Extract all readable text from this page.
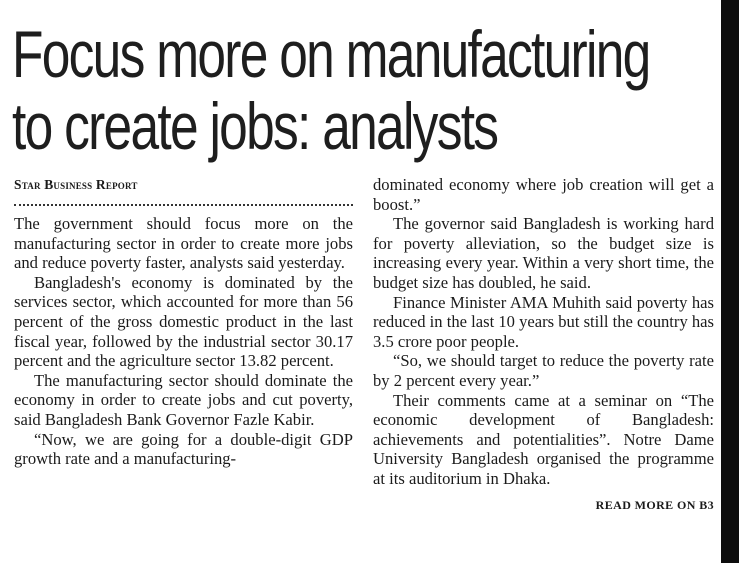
Focus more on manufacturing
to create jobs: analysts
Star Business Report

The government should focus more on the manufacturing sector in order to create more jobs and reduce poverty faster, analysts said yesterday.

Bangladesh's economy is dominated by the services sector, which accounted for more than 56 percent of the gross domestic product in the last fiscal year, followed by the industrial sector 30.17 percent and the agriculture sector 13.82 percent.

The manufacturing sector should dominate the economy in order to create jobs and cut poverty, said Bangladesh Bank Governor Fazle Kabir.

“Now, we are going for a double-digit GDP growth rate and a manufacturing-

dominated economy where job creation will get a boost.”

The governor said Bangladesh is working hard for poverty alleviation, so the budget size is increasing every year. Within a very short time, the budget size has doubled, he said.

Finance Minister AMA Muhith said poverty has reduced in the last 10 years but still the country has 3.5 crore poor people.

“So, we should target to reduce the poverty rate by 2 percent every year.”

Their comments came at a seminar on “The economic development of Bangladesh: achievements and potentialities”. Notre Dame University Bangladesh organised the programme at its auditorium in Dhaka.

READ MORE ON B3
